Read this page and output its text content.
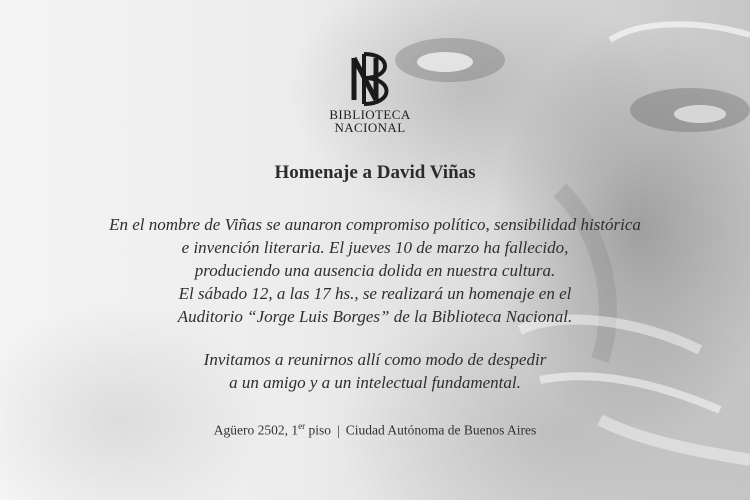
BIBLIOTECA
NACIONAL
Homenaje a David Viñas
En el nombre de Viñas se aunaron compromiso político, sensibilidad histórica
e invención literaria. El jueves 10 de marzo ha fallecido,
produciendo una ausencia dolida en nuestra cultura.
El sábado 12, a las 17 hs., se realizará un homenaje en el
Auditorio “Jorge Luis Borges” de la Biblioteca Nacional.
Invitamos a reunirnos allí como modo de despedir
a un amigo y a un intelectual fundamental.
Agüero 2502, 1er piso | Ciudad Autónoma de Buenos Aires
